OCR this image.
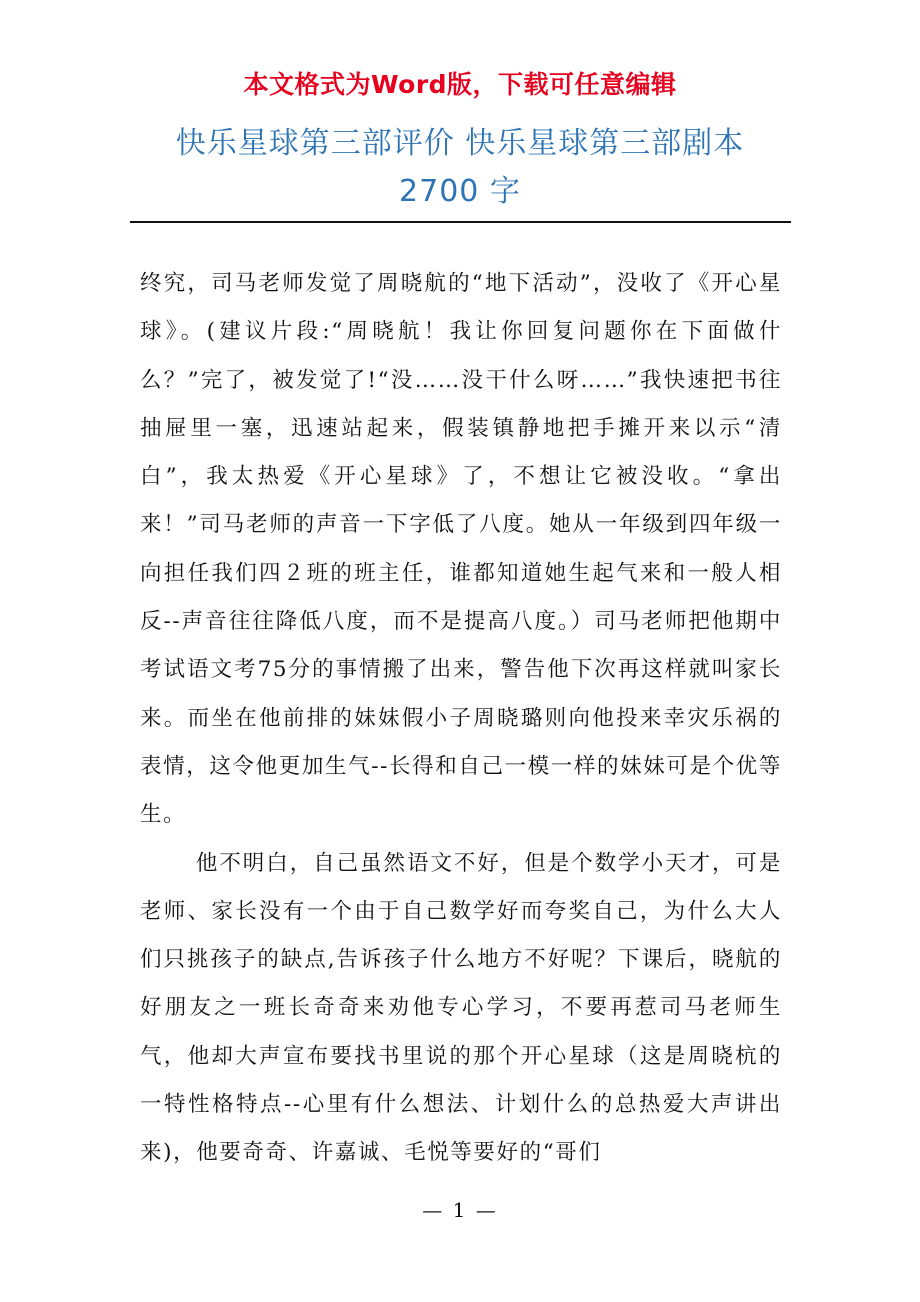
本文格式为Word版，下载可任意编辑
快乐星球第三部评价 快乐星球第三部剧本
2700 字

终究，司马老师发觉了周晓航的“地下活动”，没收了《开心星球》。(建议片段:“周晓航！我让你回复问题你在下面做什么？”完了，被发觉了!“没……没干什么呀……”我快速把书往抽屉里一塞，迅速站起来，假装镇静地把手摊开来以示“清白”，我太热爱《开心星球》了，不想让它被没收。“拿出来！”司马老师的声音一下字低了八度。她从一年级到四年级一向担任我们四２班的班主任，谁都知道她生起气来和一般人相反--声音往往降低八度，而不是提高八度。）司马老师把他期中考试语文考75分的事情搬了出来，警告他下次再这样就叫家长来。而坐在他前排的妹妹假小子周晓璐则向他投来幸灾乐祸的表情，这令他更加生气--长得和自己一模一样的妹妹可是个优等生。

他不明白，自己虽然语文不好，但是个数学小天才，可是老师、家长没有一个由于自己数学好而夸奖自己，为什么大人们只挑孩子的缺点,告诉孩子什么地方不好呢？下课后，晓航的好朋友之一班长奇奇来劝他专心学习，不要再惹司马老师生气，他却大声宣布要找书里说的那个开心星球（这是周晓杭的一特性格特点--心里有什么想法、计划什么的总热爱大声讲出来)，他要奇奇、许嘉诚、毛悦等要好的“哥们

— 1 —
